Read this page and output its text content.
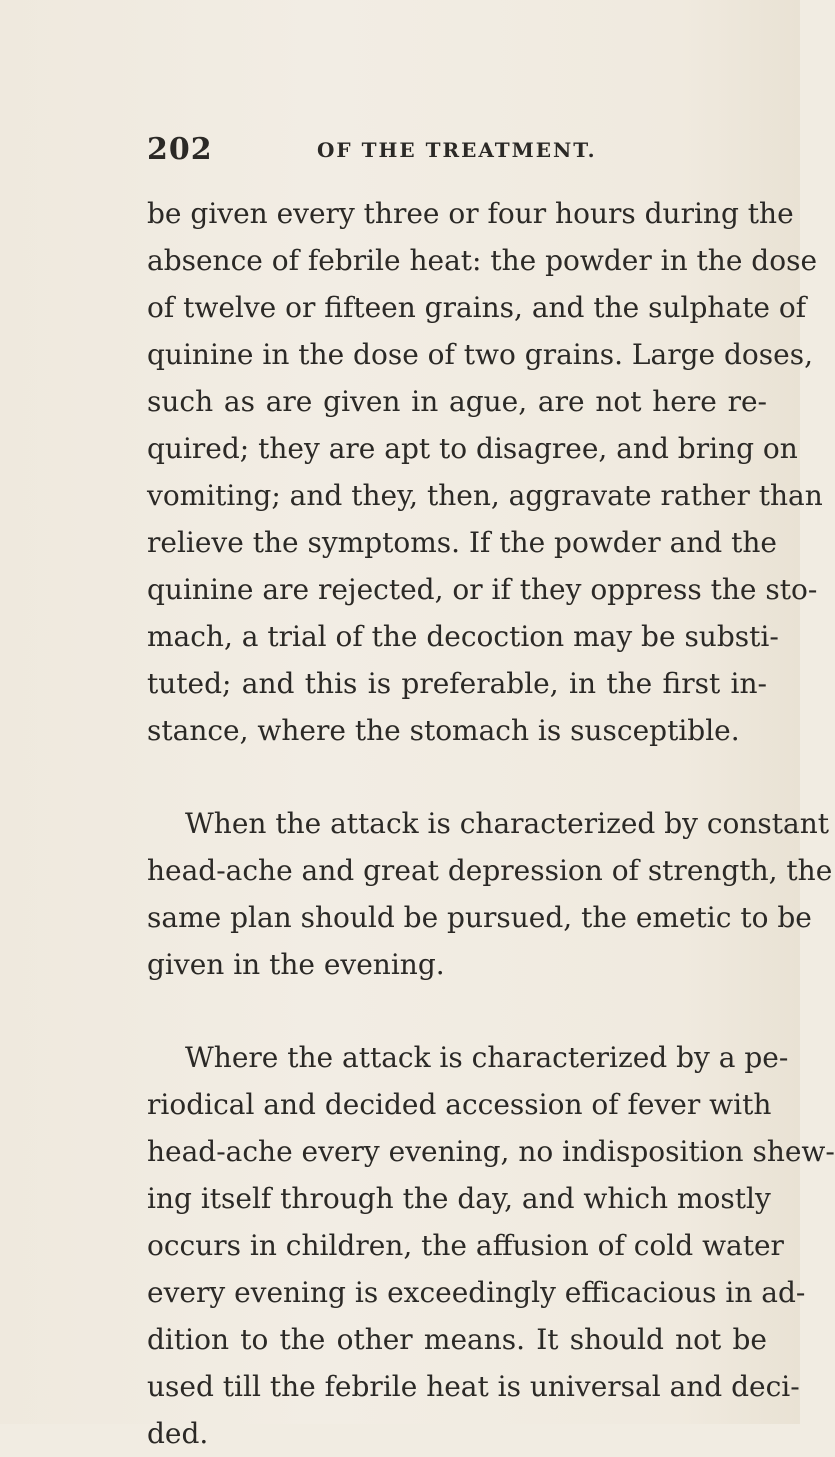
202	OF THE TREATMENT.
be given every three or four hours during the
absence of febrile heat: the powder in the dose
of twelve or fifteen grains, and the sulphate of
quinine in the dose of two grains. Large doses,
such as are given in ague, are not here re-
quired; they are apt to disagree, and bring on
vomiting; and they, then, aggravate rather than
relieve the symptoms. If the powder and the
quinine are rejected, or if they oppress the sto-
mach, a trial of the decoction may be substi-
tuted; and this is preferable, in the first in-
stance, where the stomach is susceptible.
When the attack is characterized by constant
head-ache and great depression of strength, the
same plan should be pursued, the emetic to be
given in the evening.
Where the attack is characterized by a pe-
riodical and decided accession of fever with
head-ache every evening, no indisposition shew-
ing itself through the day, and which mostly
occurs in children, the affusion of cold water
every evening is exceedingly efficacious in ad-
dition to the other means. It should not be
used till the febrile heat is universal and deci-
ded.
